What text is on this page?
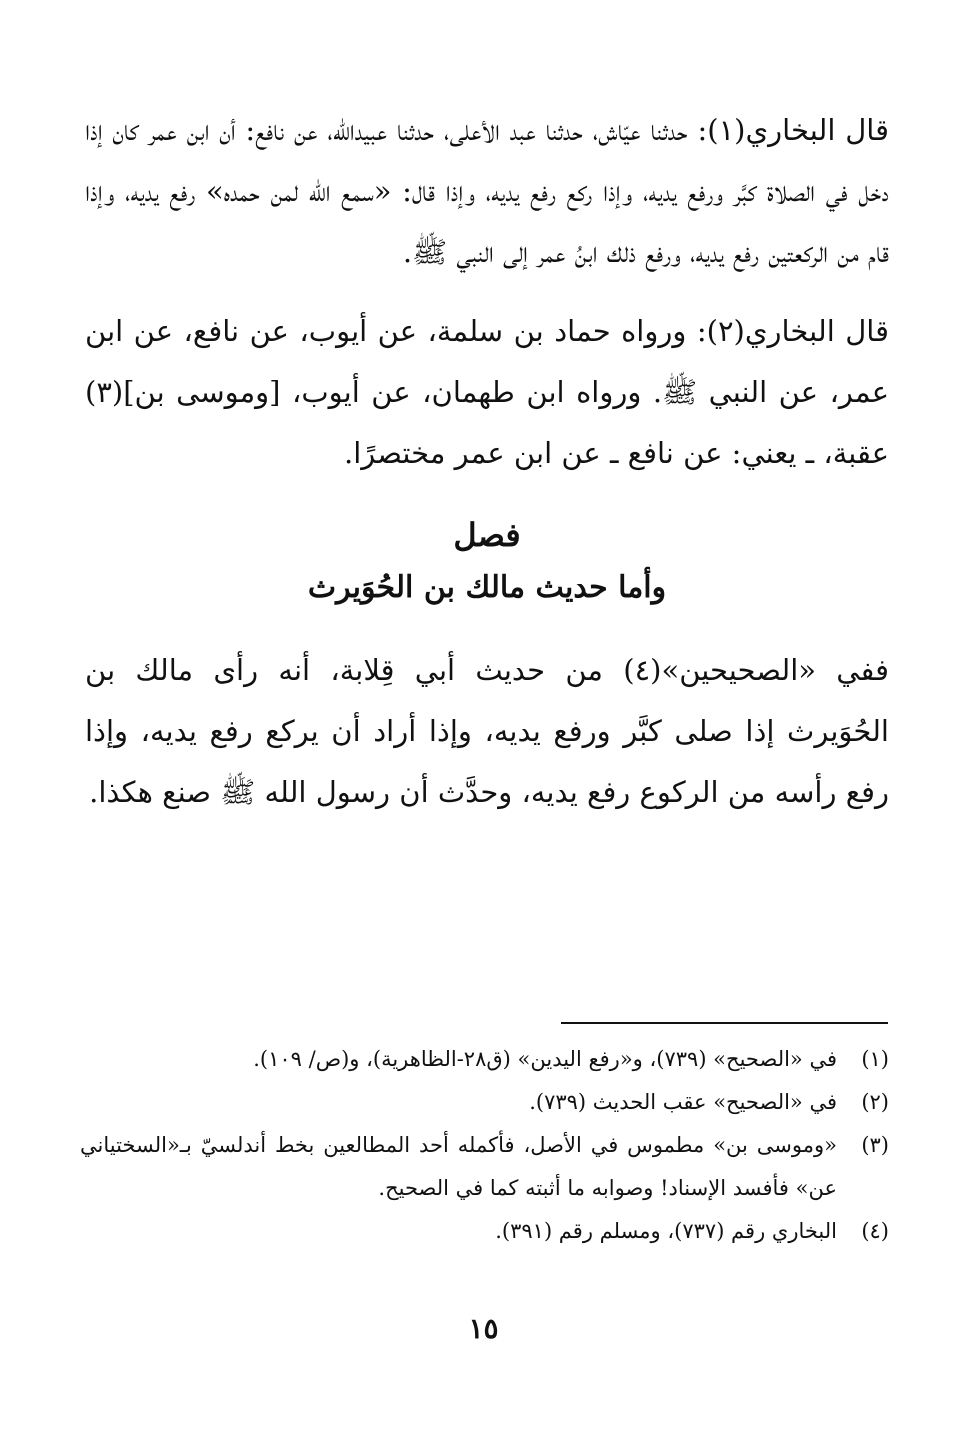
قال البخاري(١): حدثنا عيّاش، حدثنا عبد الأعلى، حدثنا عبيدالله، عن نافع: أن ابن عمر كان إذا دخل في الصلاة كبَّر ورفع يديه، وإذا ركع رفع يديه، وإذا قال: «سمع الله لمن حمده» رفع يديه، وإذا قام من الركعتين رفع يديه، ورفع ذلك ابنُ عمر إلى النبي ﷺ.

قال البخاري(٢): ورواه حماد بن سلمة، عن أيوب، عن نافع، عن ابن عمر، عن النبي ﷺ. ورواه ابن طهمان، عن أيوب، [وموسى بن](٣) عقبة، ـ يعني: عن نافع ـ عن ابن عمر مختصرًا.

فصل
وأما حديث مالك بن الحُوَيرث

ففي «الصحيحين»(٤) من حديث أبي قِلابة، أنه رأى مالك بن الحُوَيرث إذا صلى كبَّر ورفع يديه، وإذا أراد أن يركع رفع يديه، وإذا رفع رأسه من الركوع رفع يديه، وحدَّث أن رسول الله ﷺ صنع هكذا.

(١)
في «الصحيح» (٧٣٩)، و«رفع اليدين» (ق٢٨-الظاهرية)، و(ص/ ١٠٩).
(٢)
في «الصحيح» عقب الحديث (٧٣٩).
(٣)
«وموسى بن» مطموس في الأصل، فأكمله أحد المطالعين بخط أندلسيّ بـ«السختياني عن» فأفسد الإسناد! وصوابه ما أثبته كما في الصحيح.
(٤)
البخاري رقم (٧٣٧)، ومسلم رقم (٣٩١).
١٥
